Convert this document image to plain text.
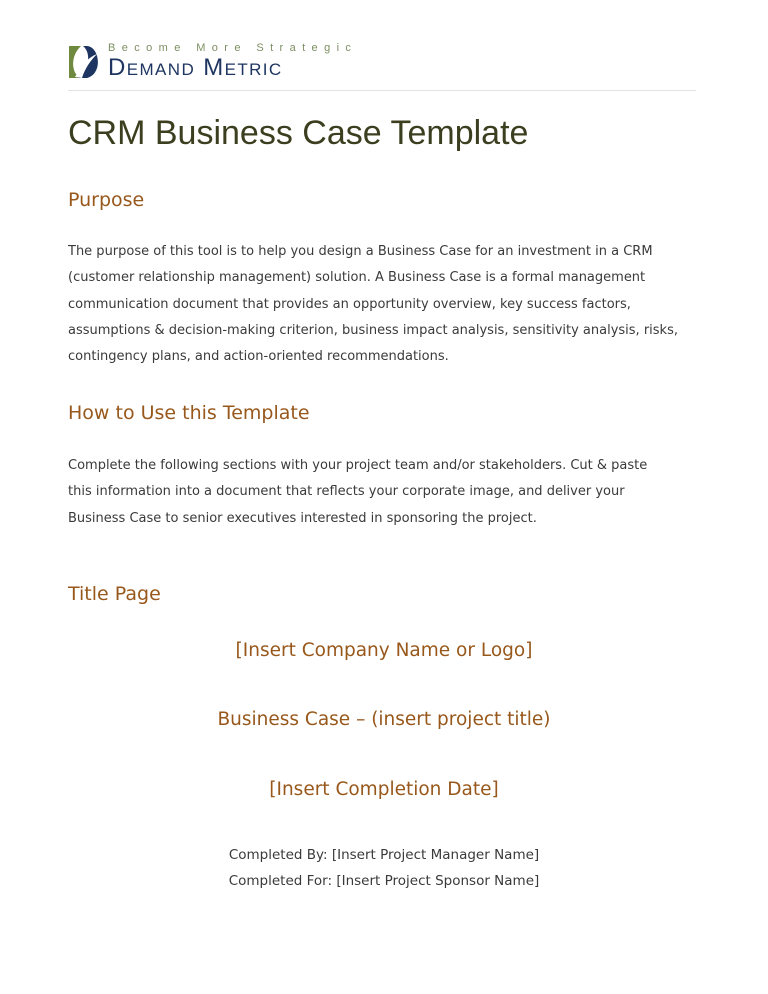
Become More Strategic
Demand Metric
CRM Business Case Template
Purpose
The purpose of this tool is to help you design a Business Case for an investment in a CRM
(customer relationship management) solution. A Business Case is a formal management
communication document that provides an opportunity overview, key success factors,
assumptions & decision-making criterion, business impact analysis, sensitivity analysis, risks,
contingency plans, and action-oriented recommendations.
How to Use this Template
Complete the following sections with your project team and/or stakeholders. Cut & paste
this information into a document that reflects your corporate image, and deliver your
Business Case to senior executives interested in sponsoring the project.
Title Page

[Insert Company Name or Logo]

Business Case – (insert project title)

[Insert Completion Date]

Completed By: [Insert Project Manager Name]

Completed For: [Insert Project Sponsor Name]
